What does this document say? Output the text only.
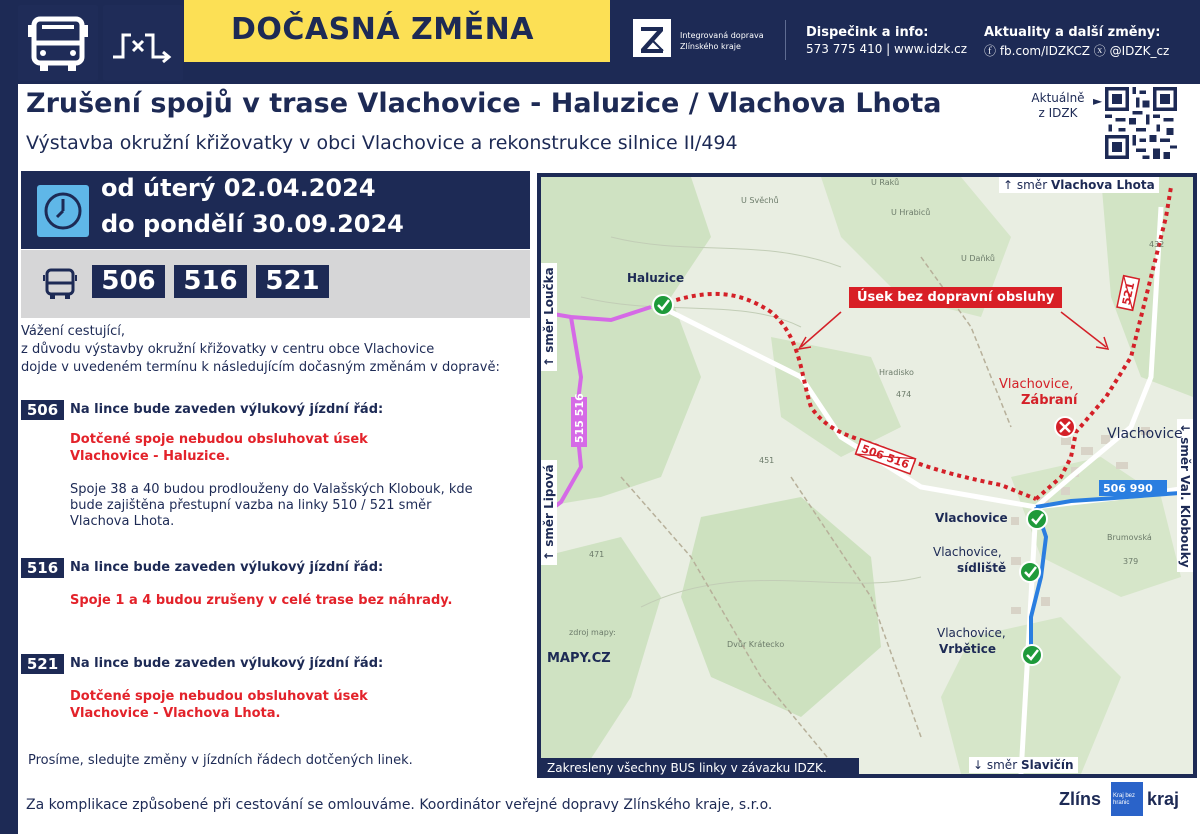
DOČASNÁ ZMĚNA	Integrovaná doprava Zlínského kraje
Dispečink a info:
573 775 410 | www.idzk.cz
Aktuality a další změny:
ⓕ fb.com/IDZKCZ ⓧ @IDZK_cz
Zrušení spojů v trase Vlachovice - Haluzice / Vlachova Lhota
Výstavba okružní křižovatky v obci Vlachovice a rekonstrukce silnice II/494
Aktuálně z IDZK
►
od úterý 02.04.2024
do pondělí 30.09.2024
506	516	521
Vážení cestující,
z důvodu výstavby okružní křižovatky v centru obce Vlachovice
dojde v uvedeném termínu k následujícím dočasným změnám v dopravě:
506 Na lince bude zaveden výlukový jízdní řád:
Dotčené spoje nebudou obsluhovat úsek
Vlachovice - Haluzice.
Spoje 38 a 40 budou prodlouženy do Valašských Klobouk, kde
bude zajištěna přestupní vazba na linky 510 / 521 směr
Vlachova Lhota.
516 Na lince bude zaveden výlukový jízdní řád:
Spoje 1 a 4 budou zrušeny v celé trase bez náhrady.
521 Na lince bude zaveden výlukový jízdní řád:
Dotčené spoje nebudou obsluhovat úsek
Vlachovice - Vlachova Lhota.
Prosíme, sledujte změny v jízdních řádech dotčených linek.
Za komplikace způsobené při cestování se omlouváme. Koordinátor veřejné dopravy Zlínského kraje, s.r.o.	Zlíns Kraj bez
hranic kraj
506 990
515 516
U Raků
U Svěchů
U Hrabiců
U Daňků
Hradisko
474
451
471
Brumovská
379
432
Dvůr Kráteckо
zdroj mapy:
MAPY.CZ
↑ směr Vlachova Lhota
↓ směr Slavičín
↑ směr Loučka
↑ směr Lipová	↓ směr Val. Klobouky
Úsek bez dopravní obsluhy
Haluzice
Vlachovice
Vlachovice,
sídliště
Vlachovice,
Vrbětice
Vlachovice,
Zábraní
Vlachovice
Zakresleny všechny BUS linky v závazku IDZK.
